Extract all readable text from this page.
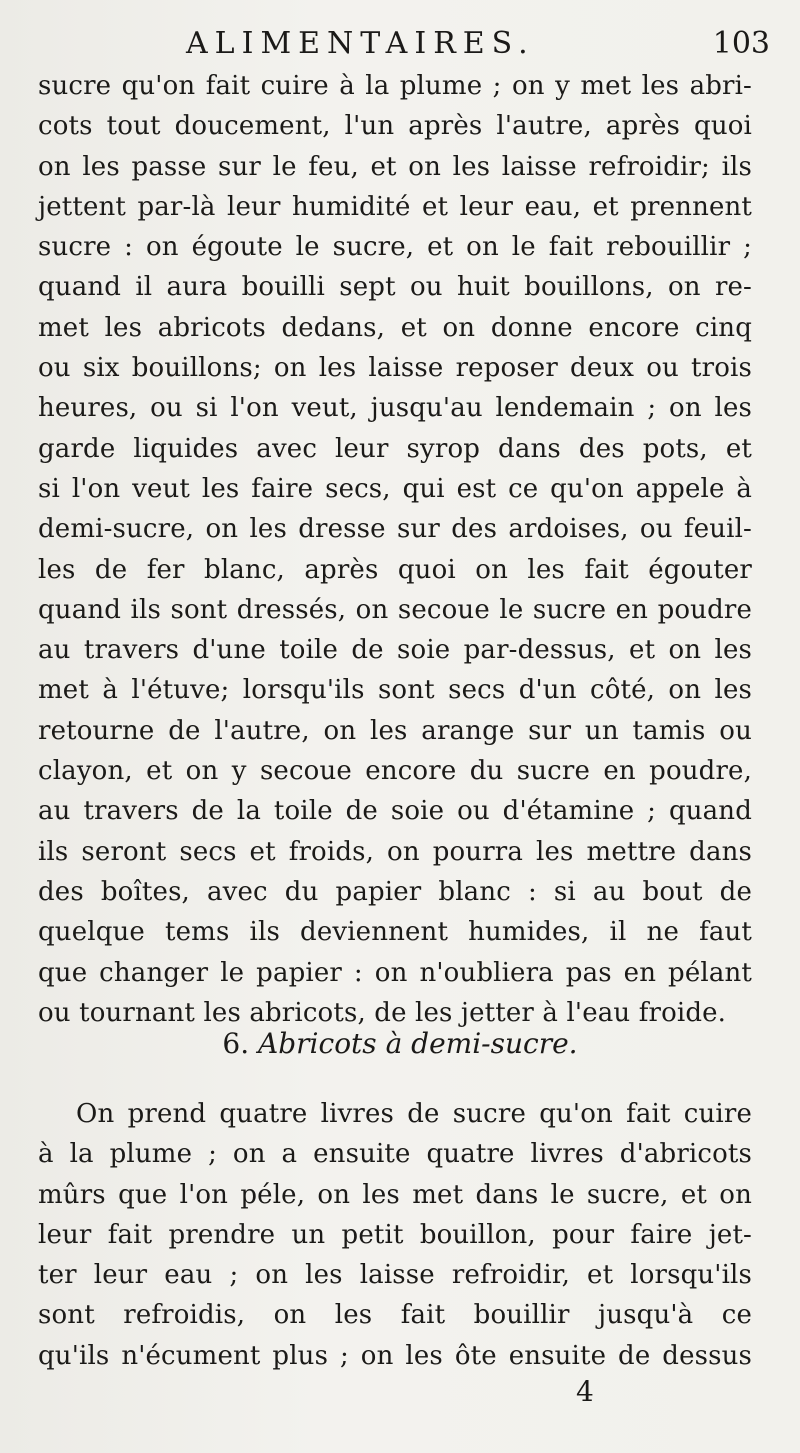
ALIMENTAIRES.	103
sucre qu'on fait cuire à la plume ; on y met les abri-
cots tout doucement, l'un après l'autre, après quoi
on les passe sur le feu, et on les laisse refroidir; ils
jettent par-là leur humidité et leur eau, et prennent
sucre : on égoute le sucre, et on le fait rebouillir ;
quand il aura bouilli sept ou huit bouillons, on re-
met les abricots dedans, et on donne encore cinq
ou six bouillons; on les laisse reposer deux ou trois
heures, ou si l'on veut, jusqu'au lendemain ; on les
garde liquides avec leur syrop dans des pots, et
si l'on veut les faire secs, qui est ce qu'on appele à
demi-sucre, on les dresse sur des ardoises, ou feuil-
les de fer blanc, après quoi on les fait égouter
quand ils sont dressés, on secoue le sucre en poudre
au travers d'une toile de soie par-dessus, et on les
met à l'étuve; lorsqu'ils sont secs d'un côté, on les
retourne de l'autre, on les arange sur un tamis ou
clayon, et on y secoue encore du sucre en poudre,
au travers de la toile de soie ou d'étamine ; quand
ils seront secs et froids, on pourra les mettre dans
des boîtes, avec du papier blanc : si au bout de
quelque tems ils deviennent humides, il ne faut
que changer le papier : on n'oubliera pas en pélant
ou tournant les abricots, de les jetter à l'eau froide.
6. Abricots à demi-sucre.
On prend quatre livres de sucre qu'on fait cuire
à la plume ; on a ensuite quatre livres d'abricots
mûrs que l'on péle, on les met dans le sucre, et on
leur fait prendre un petit bouillon, pour faire jet-
ter leur eau ; on les laisse refroidir, et lorsqu'ils
sont refroidis, on les fait bouillir jusqu'à ce
qu'ils n'écument plus ; on les ôte ensuite de dessus
4
